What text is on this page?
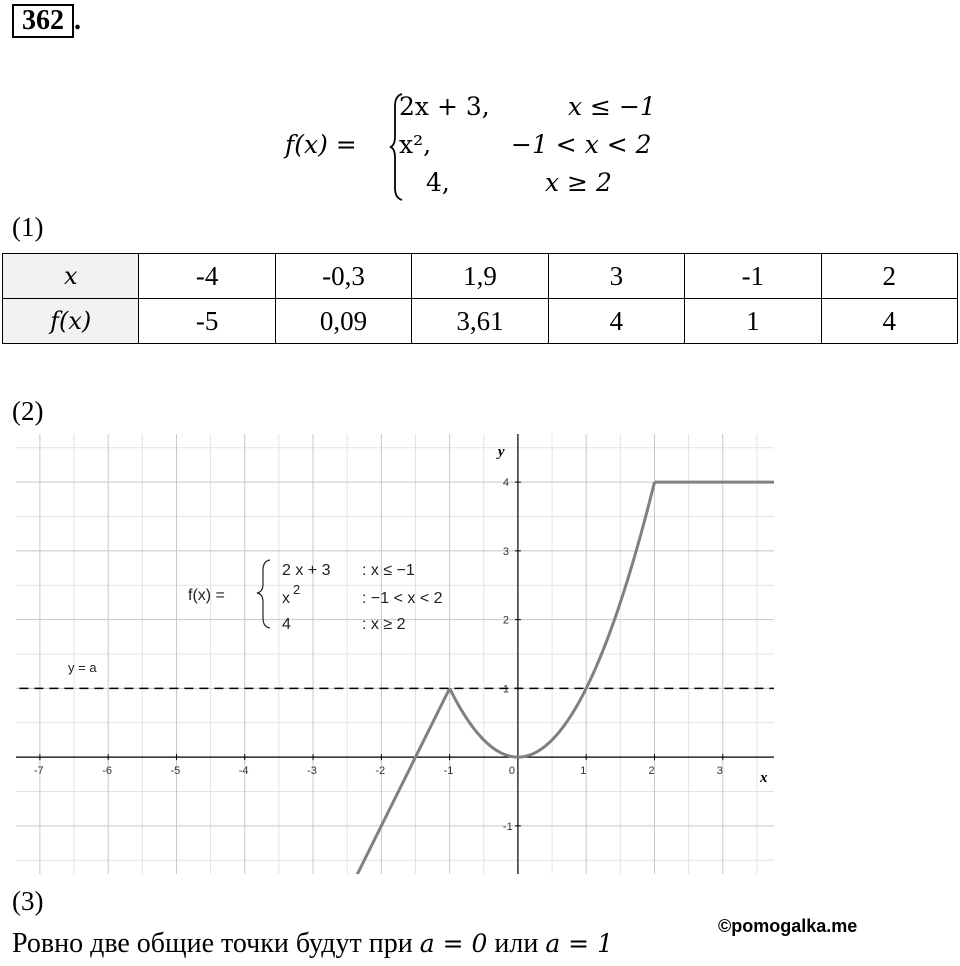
362 .
f(x) =
2x + 3,	x ≤ −1
x²,	−1 < x < 2
4,	x ≥ 2
(1)
x	-4	-0,3	1,9	3	-1	2
f(x)	-5	0,09	3,61	4	1	4
(2)
-7	-6	-5	-4	-3	-2	-1	0	1	2	3
-1
1
2
3
4
x
y
f(x) =
2 x + 3 : x ≤ −1
x
2
: −1 < x < 2
4	: x ≥ 2
y = a
(3)
Ровно две общие точки будут при a = 0 или a = 1
©pomogalka.me
